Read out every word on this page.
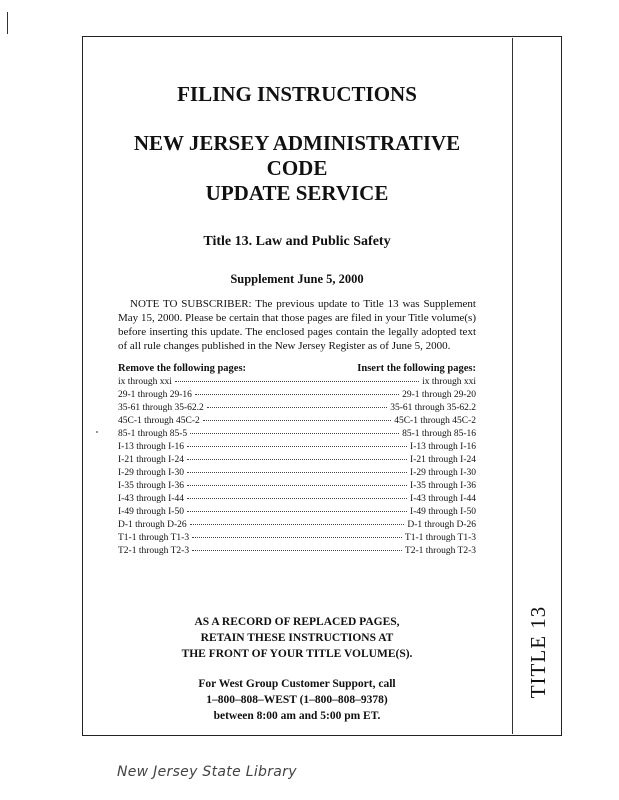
TITLE 13
FILING INSTRUCTIONS
NEW JERSEY ADMINISTRATIVE CODE
UPDATE SERVICE
Title 13. Law and Public Safety
Supplement June 5, 2000
NOTE TO SUBSCRIBER: The previous update to Title 13 was Supplement May 15, 2000. Please be certain that those pages are filed in your Title volume(s) before inserting this update. The enclosed pages contain the legally adopted text of all rule changes published in the New Jersey Register as of June 5, 2000.
Remove the following pages:	Insert the following pages:
ix through xxi	ix through xxi
29-1 through 29-16	29-1 through 29-20
35-61 through 35-62.2	35-61 through 35-62.2
45C-1 through 45C-2	45C-1 through 45C-2
85-1 through 85-5	85-1 through 85-16
I-13 through I-16	I-13 through I-16
I-21 through I-24	I-21 through I-24
I-29 through I-30	I-29 through I-30
I-35 through I-36	I-35 through I-36
I-43 through I-44	I-43 through I-44
I-49 through I-50	I-49 through I-50
D-1 through D-26	D-1 through D-26
T1-1 through T1-3	T1-1 through T1-3
T2-1 through T2-3	T2-1 through T2-3
AS A RECORD OF REPLACED PAGES,
RETAIN THESE INSTRUCTIONS AT
THE FRONT OF YOUR TITLE VOLUME(S).
For West Group Customer Support, call
1–800–808–WEST (1–800–808–9378)
between 8:00 am and 5:00 pm ET.
New Jersey State Library
